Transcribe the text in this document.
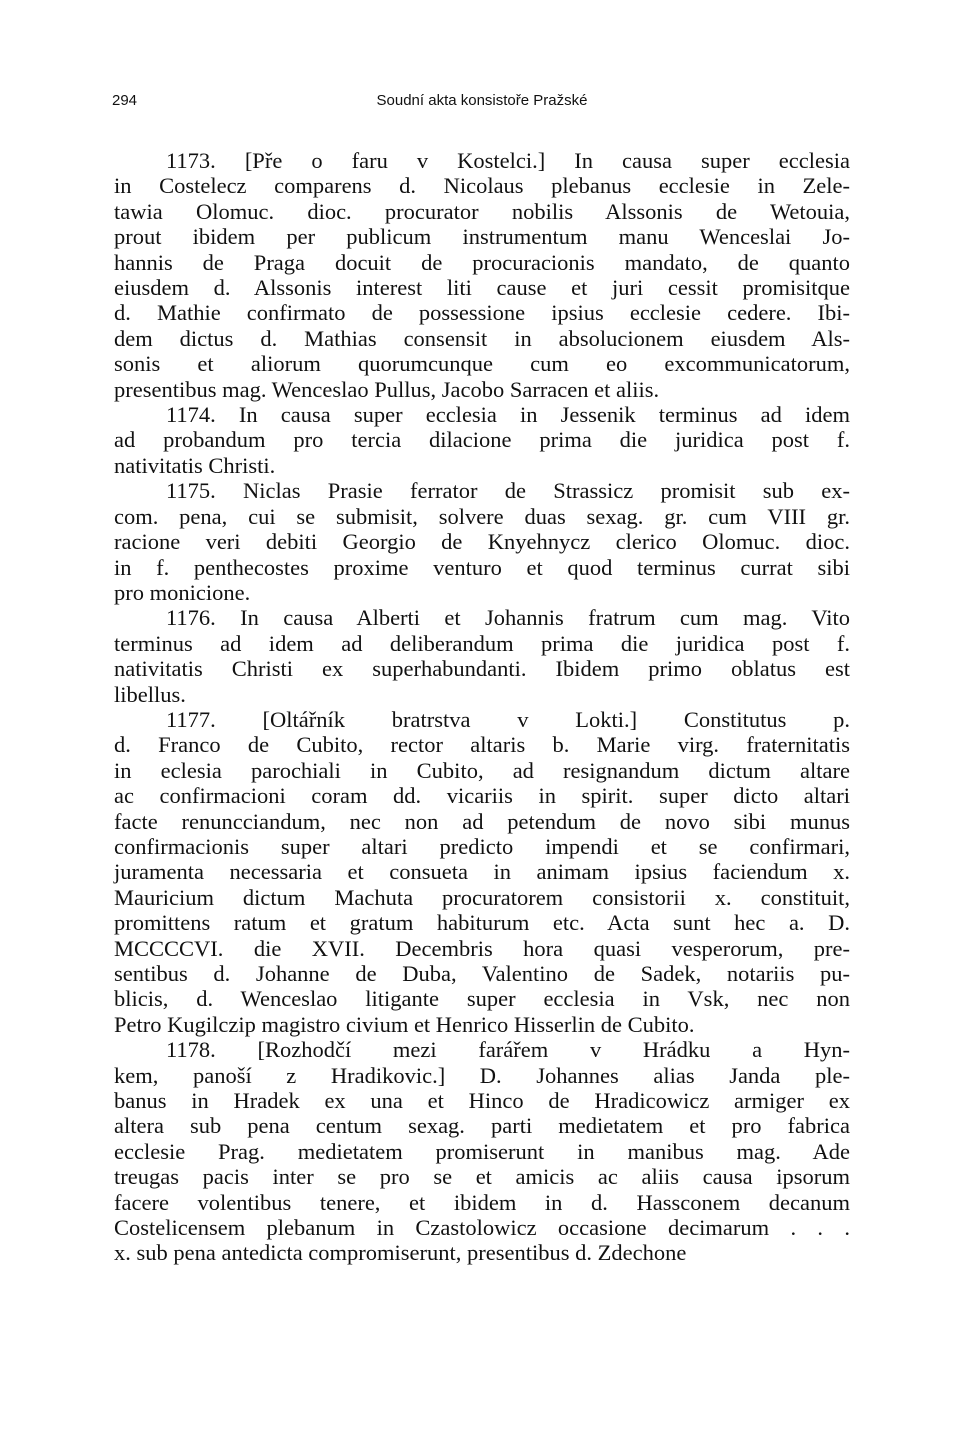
294	Soudní akta konsistoře Pražské
1173. [Pře o faru v Kostelci.] In causa super ecclesia
in Costelecz comparens d. Nicolaus plebanus ecclesie in Zele-
tawia Olomuc. dioc. procurator nobilis Alssonis de Wetouia,
prout ibidem per publicum instrumentum manu Wenceslai Jo-
hannis de Praga docuit de procuracionis mandato, de quanto
eiusdem d. Alssonis interest liti cause et juri cessit promisitque
d. Mathie confirmato de possessione ipsius ecclesie cedere. Ibi-
dem dictus d. Mathias consensit in absolucionem eiusdem Als-
sonis et aliorum quorumcunque cum eo excommunicatorum,
presentibus mag. Wenceslao Pullus, Jacobo Sarracen et aliis.
1174. In causa super ecclesia in Jessenik terminus ad idem
ad probandum pro tercia dilacione prima die juridica post f.
nativitatis Christi.
1175. Niclas Prasie ferrator de Strassicz promisit sub ex-
com. pena, cui se submisit, solvere duas sexag. gr. cum VIII gr.
racione veri debiti Georgio de Knyehnycz clerico Olomuc. dioc.
in f. penthecostes proxime venturo et quod terminus currat sibi
pro monicione.
1176. In causa Alberti et Johannis fratrum cum mag. Vito
terminus ad idem ad deliberandum prima die juridica post f.
nativitatis Christi ex superhabundanti. Ibidem primo oblatus est
libellus.
1177. [Oltářník bratrstva v Lokti.] Constitutus p.
d. Franco de Cubito, rector altaris b. Marie virg. fraternitatis
in eclesia parochiali in Cubito, ad resignandum dictum altare
ac confirmacioni coram dd. vicariis in spirit. super dicto altari
facte renuncciandum, nec non ad petendum de novo sibi munus
confirmacionis super altari predicto impendi et se confirmari,
juramenta necessaria et consueta in animam ipsius faciendum x.
Mauricium dictum Machuta procuratorem consistorii x. constituit,
promittens ratum et gratum habiturum etc. Acta sunt hec a. D.
MCCCCVI. die XVII. Decembris hora quasi vesperorum, pre-
sentibus d. Johanne de Duba, Valentino de Sadek, notariis pu-
blicis, d. Wenceslao litigante super ecclesia in Vsk, nec non
Petro Kugilczip magistro civium et Henrico Hisserlin de Cubito.
1178. [Rozhodčí mezi farářem v Hrádku a Hyn-
kem, panoší z Hradikovic.] D. Johannes alias Janda ple-
banus in Hradek ex una et Hinco de Hradicowicz armiger ex
altera sub pena centum sexag. parti medietatem et pro fabrica
ecclesie Prag. medietatem promiserunt in manibus mag. Ade
treugas pacis inter se pro se et amicis ac aliis causa ipsorum
facere volentibus tenere, et ibidem in d. Hassconem decanum
Costelicensem plebanum in Czastolowicz occasione decimarum . . .
x. sub pena antedicta compromiserunt, presentibus d. Zdechone
